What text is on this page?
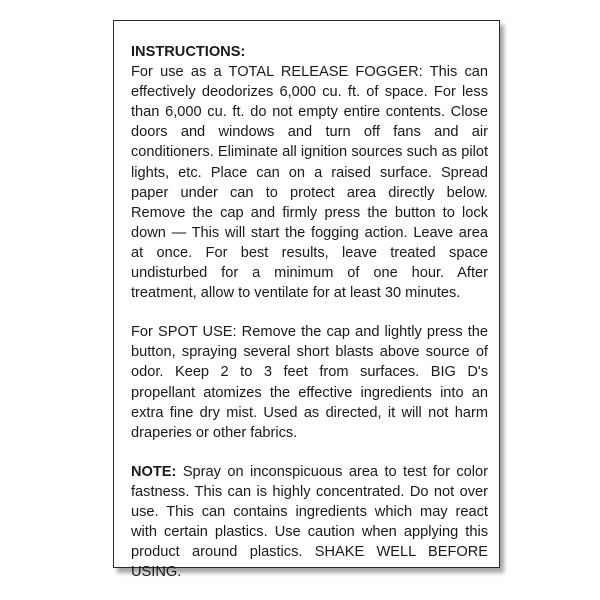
INSTRUCTIONS:

For use as a TOTAL RELEASE FOGGER: This can effectively deodorizes 6,000 cu. ft. of space. For less than 6,000 cu. ft. do not empty entire contents. Close doors and windows and turn off fans and air conditioners. Eliminate all ignition sources such as pilot lights, etc. Place can on a raised surface. Spread paper under can to protect area directly below. Remove the cap and firmly press the button to lock down — This will start the fogging action. Leave area at once. For best results, leave treated space undisturbed for a minimum of one hour. After treatment, allow to ventilate for at least 30 minutes.

For SPOT USE: Remove the cap and lightly press the button, spraying several short blasts above source of odor. Keep 2 to 3 feet from surfaces. BIG D's propellant atomizes the effective ingredients into an extra fine dry mist. Used as directed, it will not harm draperies or other fabrics.

NOTE: Spray on inconspicuous area to test for color fastness. This can is highly concentrated. Do not over use. This can contains ingredients which may react with certain plastics. Use caution when applying this product around plastics. SHAKE WELL BEFORE USING.
